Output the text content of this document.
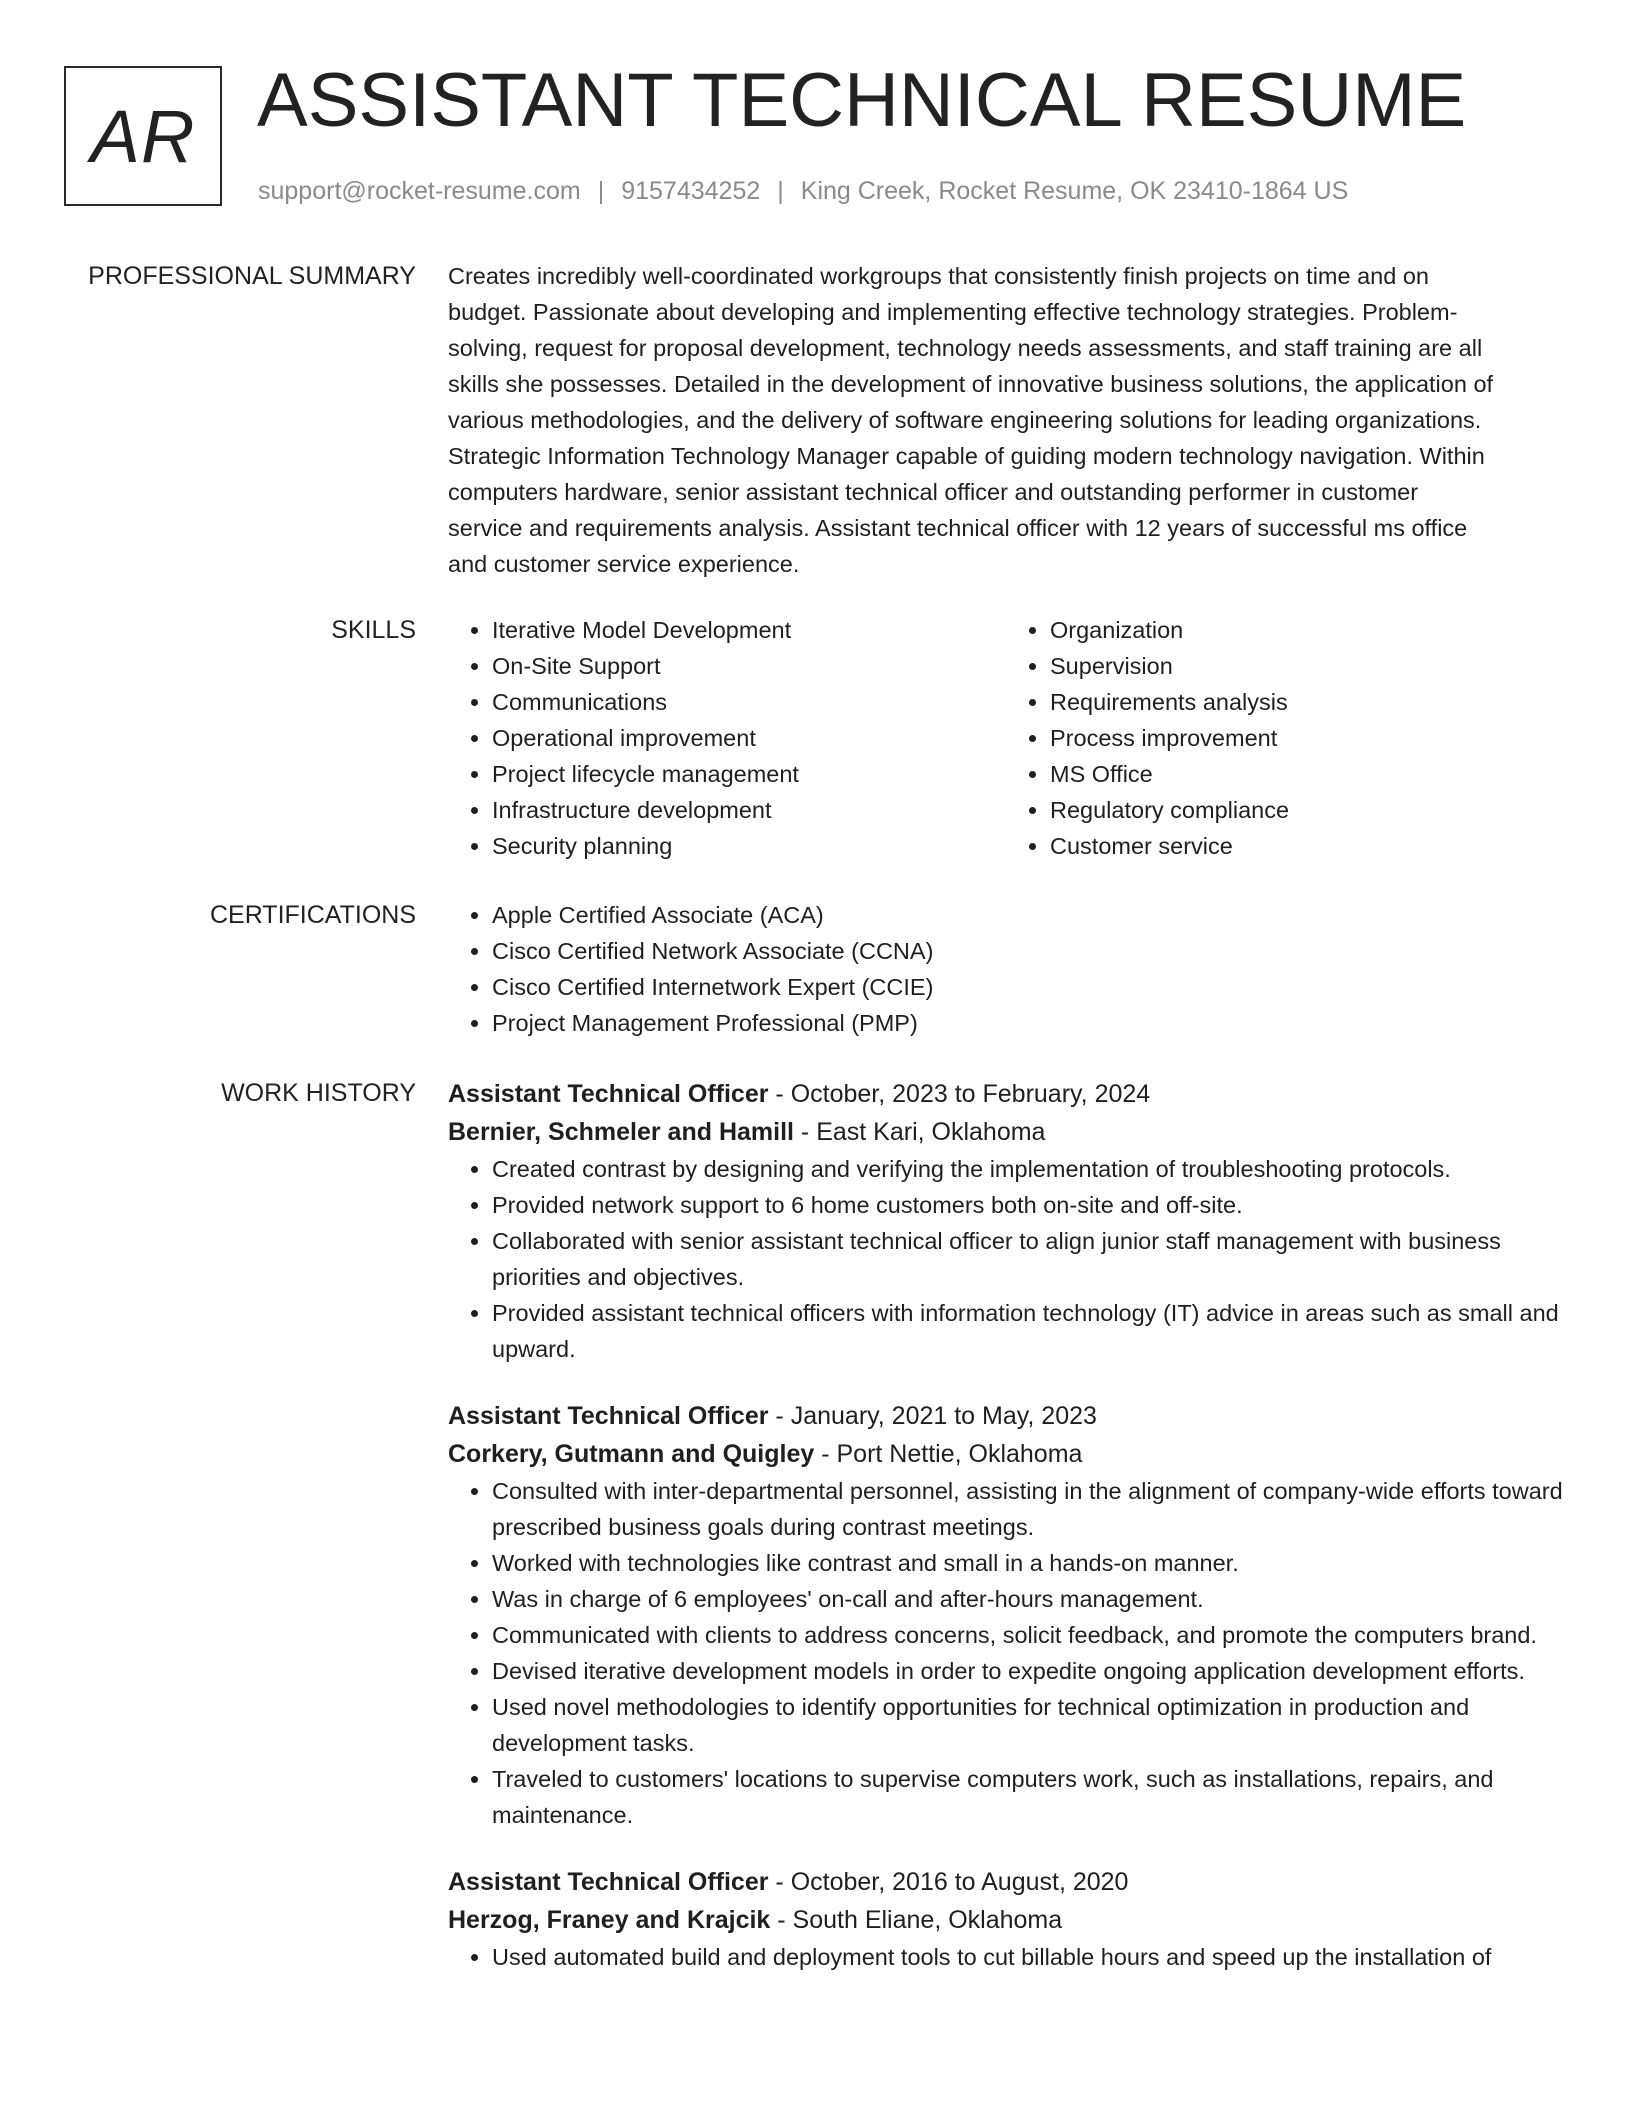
AR ASSISTANT TECHNICAL RESUME
support@rocket-resume.com | 9157434252 | King Creek, Rocket Resume, OK 23410-1864 US
PROFESSIONAL SUMMARY Creates incredibly well-coordinated workgroups that consistently finish projects on time and on
budget. Passionate about developing and implementing effective technology strategies. Problem-
solving, request for proposal development, technology needs assessments, and staff training are all
skills she possesses. Detailed in the development of innovative business solutions, the application of
various methodologies, and the delivery of software engineering solutions for leading organizations.
Strategic Information Technology Manager capable of guiding modern technology navigation. Within
computers hardware, senior assistant technical officer and outstanding performer in customer
service and requirements analysis. Assistant technical officer with 12 years of successful ms office
and customer service experience.
SKILLS	• Iterative Model Development
• On-Site Support
• Communications
• Operational improvement
• Project lifecycle management
• Infrastructure development
• Security planning
• Organization
• Supervision
• Requirements analysis
• Process improvement
• MS Office
• Regulatory compliance
• Customer service
CERTIFICATIONS	• Apple Certified Associate (ACA)
• Cisco Certified Network Associate (CCNA)
• Cisco Certified Internetwork Expert (CCIE)
• Project Management Professional (PMP)
WORK HISTORY Assistant Technical Officer - October, 2023 to February, 2024
Bernier, Schmeler and Hamill - East Kari, Oklahoma
• Created contrast by designing and verifying the implementation of troubleshooting protocols.
• Provided network support to 6 home customers both on-site and off-site.
• Collaborated with senior assistant technical officer to align junior staff management with business priorities and objectives.
• Provided assistant technical officers with information technology (IT) advice in areas such as small and upward.
Assistant Technical Officer - January, 2021 to May, 2023
Corkery, Gutmann and Quigley - Port Nettie, Oklahoma
• Consulted with inter-departmental personnel, assisting in the alignment of company-wide efforts toward prescribed business goals during contrast meetings.
• Worked with technologies like contrast and small in a hands-on manner.
• Was in charge of 6 employees' on-call and after-hours management.
• Communicated with clients to address concerns, solicit feedback, and promote the computers brand.
• Devised iterative development models in order to expedite ongoing application development efforts.
• Used novel methodologies to identify opportunities for technical optimization in production and development tasks.
• Traveled to customers' locations to supervise computers work, such as installations, repairs, and maintenance.
Assistant Technical Officer - October, 2016 to August, 2020
Herzog, Franey and Krajcik - South Eliane, Oklahoma
• Used automated build and deployment tools to cut billable hours and speed up the installation of
